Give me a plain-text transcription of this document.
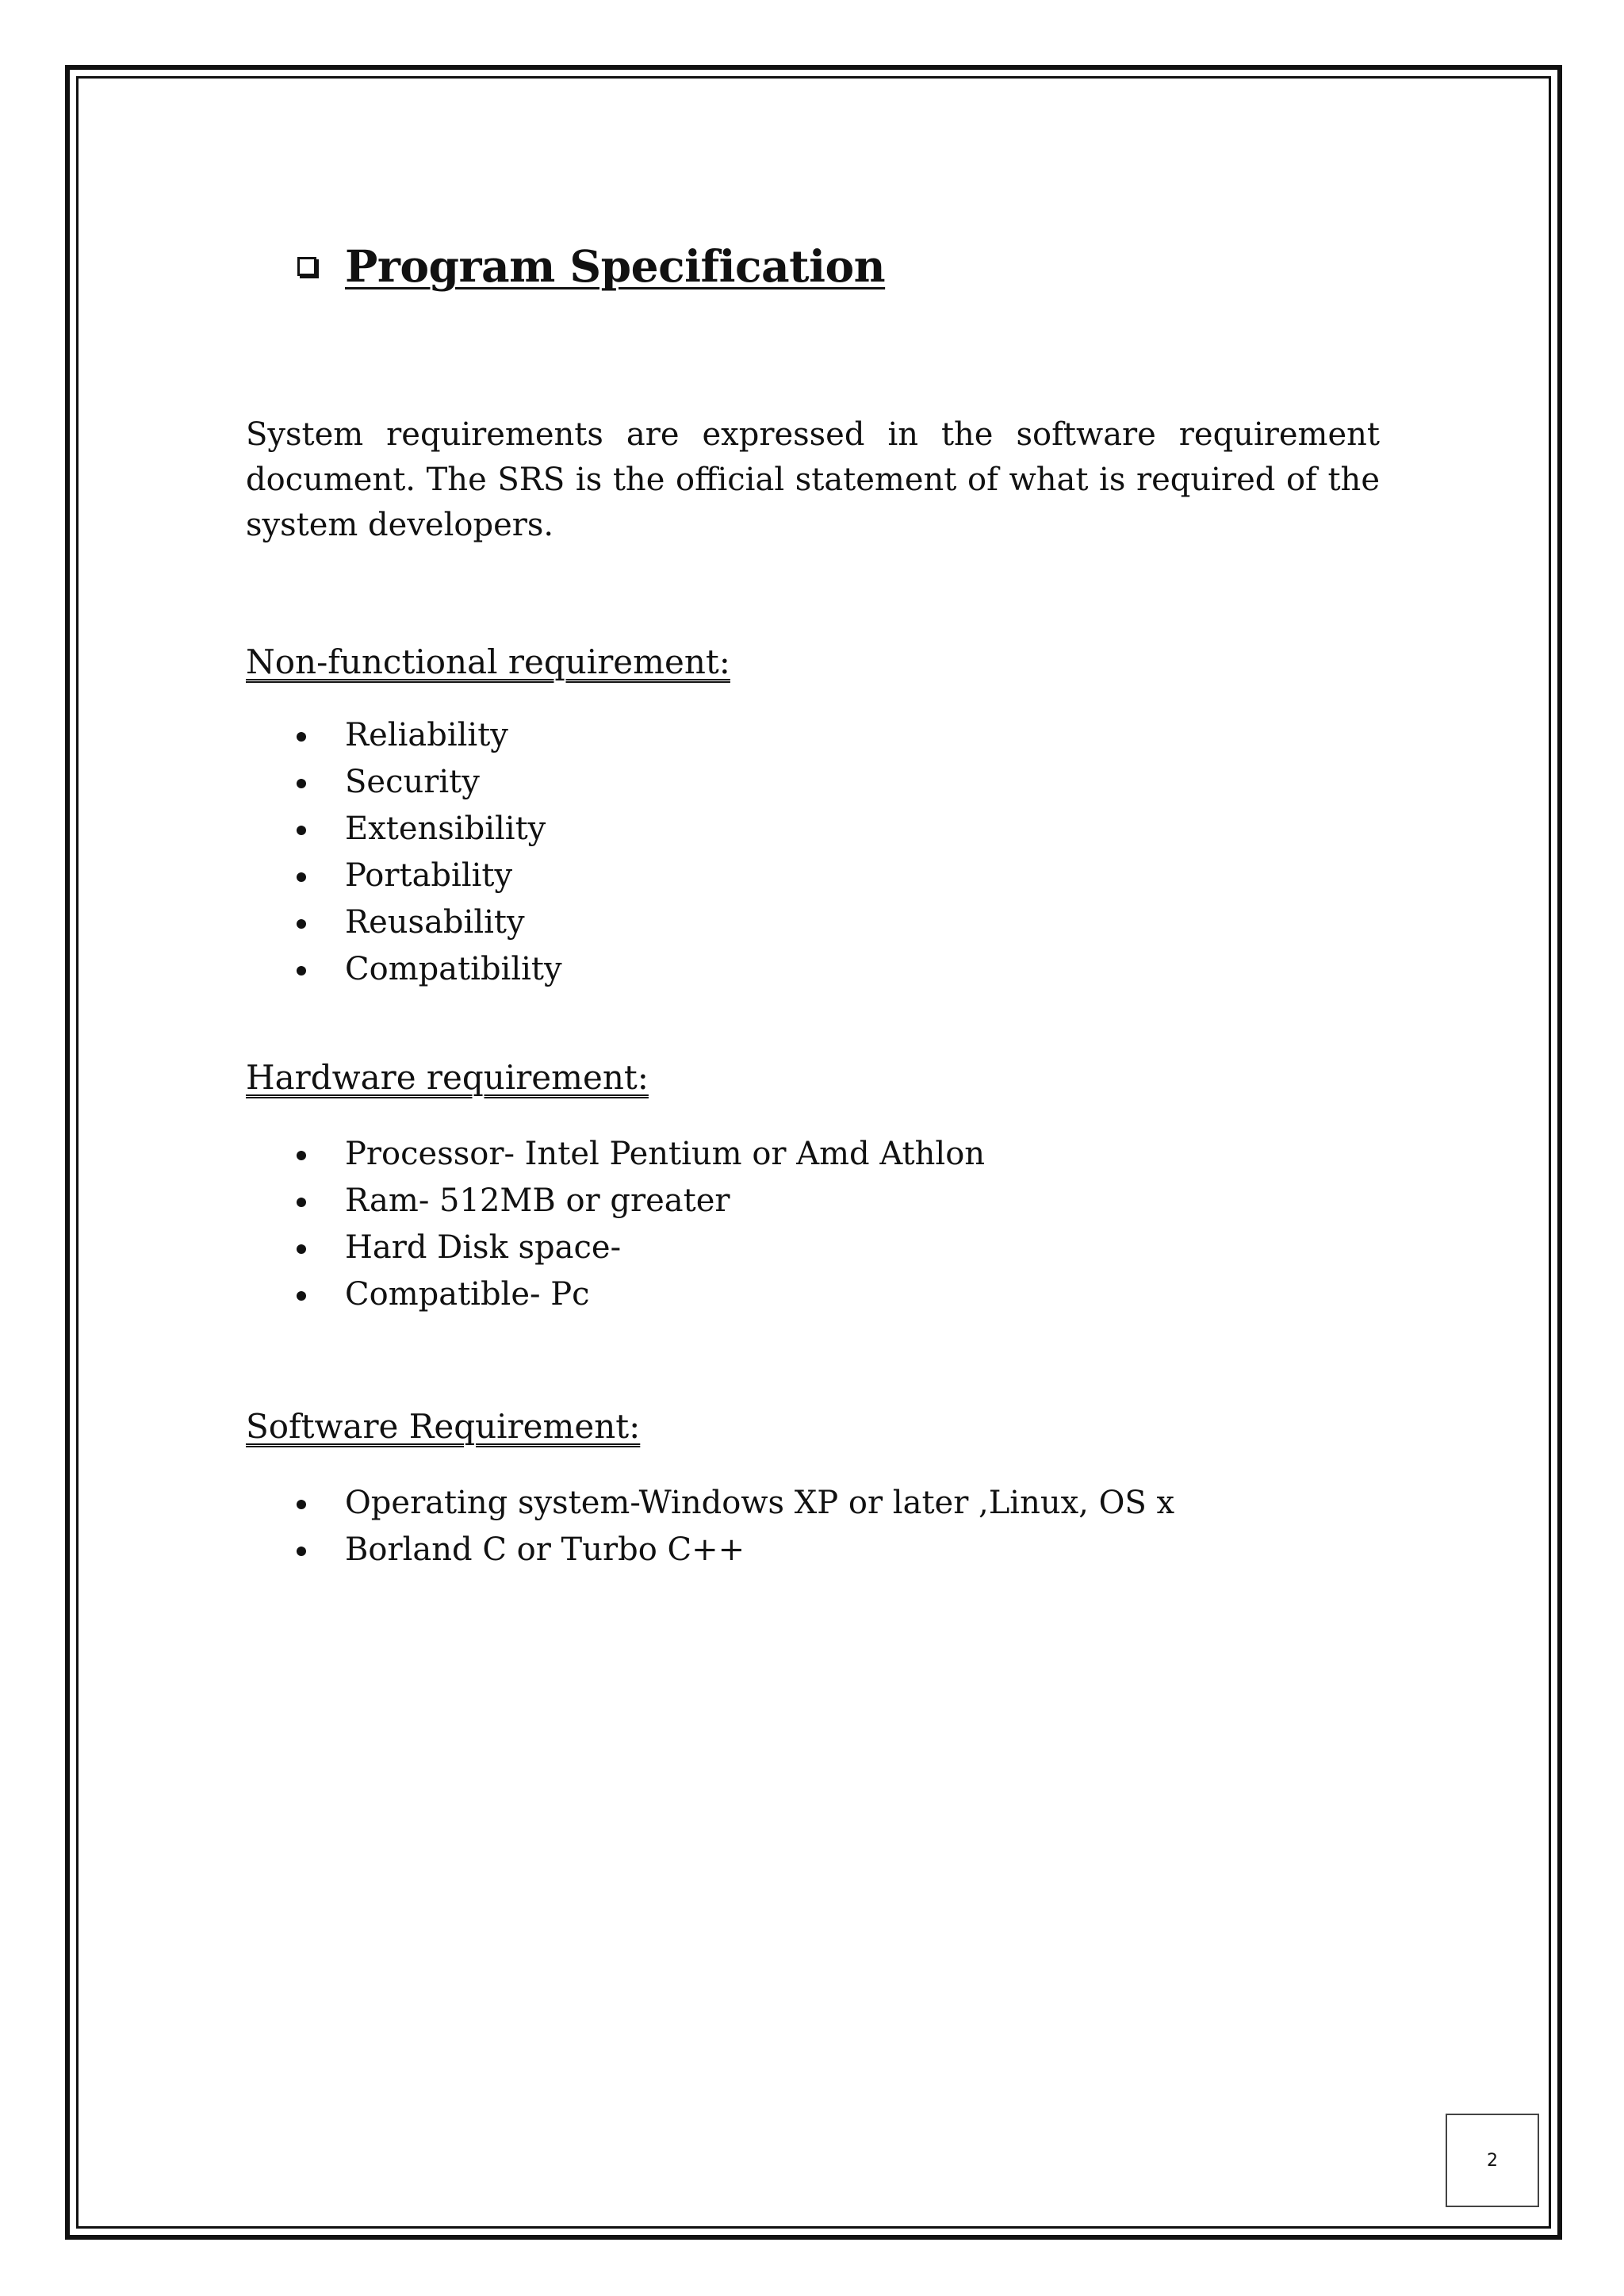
Program Specification

System requirements are expressed in the software requirement document. The SRS is the official statement of what is required of the system developers.

Non-functional requirement:
Reliability
Security
Extensibility
Portability
Reusability
Compatibility
Hardware requirement:
Processor- Intel Pentium or Amd Athlon
Ram- 512MB or greater
Hard Disk space-
Compatible- Pc
Software Requirement:
Operating system-Windows XP or later ,Linux, OS x
Borland C or Turbo C++
2
